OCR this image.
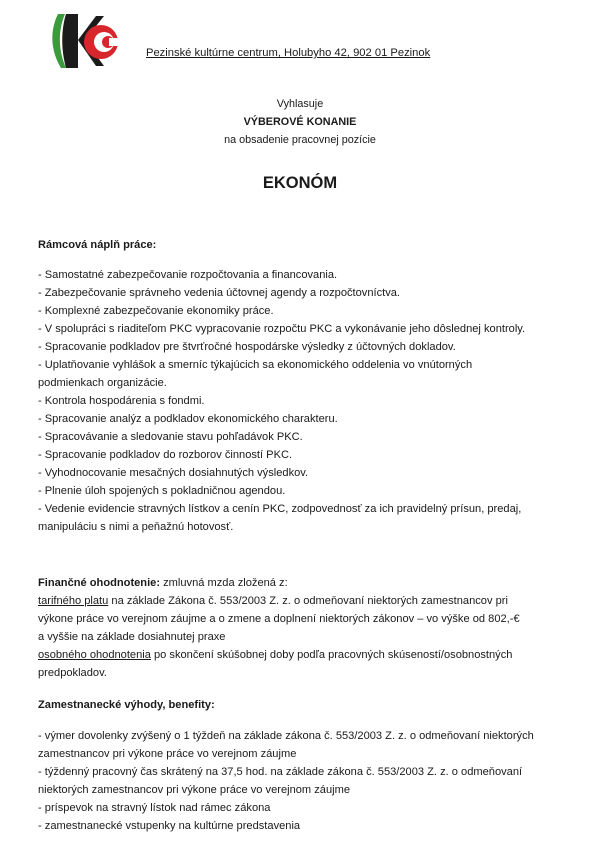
KC
Pezinské kultúrne centrum, Holubyho 42, 902 01 Pezinok
Vyhlasuje
VÝBEROVÉ KONANIE
na obsadenie pracovnej pozície
EKONÓM
Rámcová náplň práce:
- Samostatné zabezpečovanie rozpočtovania a financovania.
- Zabezpečovanie správneho vedenia účtovnej agendy a rozpočtovníctva.
- Komplexné zabezpečovanie ekonomiky práce.
- V spolupráci s riaditeľom PKC vypracovanie rozpočtu PKC a vykonávanie jeho dôslednej kontroly.
- Spracovanie podkladov pre štvrťročné hospodárske výsledky z účtovných dokladov.
- Uplatňovanie vyhlášok a smerníc týkajúcich sa ekonomického oddelenia vo vnútorných
podmienkach organizácie.
- Kontrola hospodárenia s fondmi.
- Spracovanie analýz a podkladov ekonomického charakteru.
- Spracovávanie a sledovanie stavu pohľadávok PKC.
- Spracovanie podkladov do rozborov činností PKC.
- Vyhodnocovanie mesačných dosiahnutých výsledkov.
- Plnenie úloh spojených s pokladničnou agendou.
- Vedenie evidencie stravných lístkov a cenín PKC, zodpovednosť za ich pravidelný prísun, predaj,
manipuláciu s nimi a peňažnú hotovosť.
Finančné ohodnotenie: zmluvná mzda zložená z:
tarifného platu na základe Zákona č. 553/2003 Z. z. o odmeňovaní niektorých zamestnancov pri
výkone práce vo verejnom záujme a o zmene a doplnení niektorých zákonov – vo výške od 802,-€
a vyššie na základe dosiahnutej praxe
osobného ohodnotenia po skončení skúšobnej doby podľa pracovných skúseností/osobnostných
predpokladov.
Zamestnanecké výhody, benefity:
- výmer dovolenky zvýšený o 1 týždeň na základe zákona č. 553/2003 Z. z. o odmeňovaní niektorých
zamestnancov pri výkone práce vo verejnom záujme
- týždenný pracovný čas skrátený na 37,5 hod. na základe zákona č. 553/2003 Z. z. o odmeňovaní
niektorých zamestnancov pri výkone práce vo verejnom záujme
- príspevok na stravný lístok nad rámec zákona
- zamestnanecké vstupenky na kultúrne predstavenia
